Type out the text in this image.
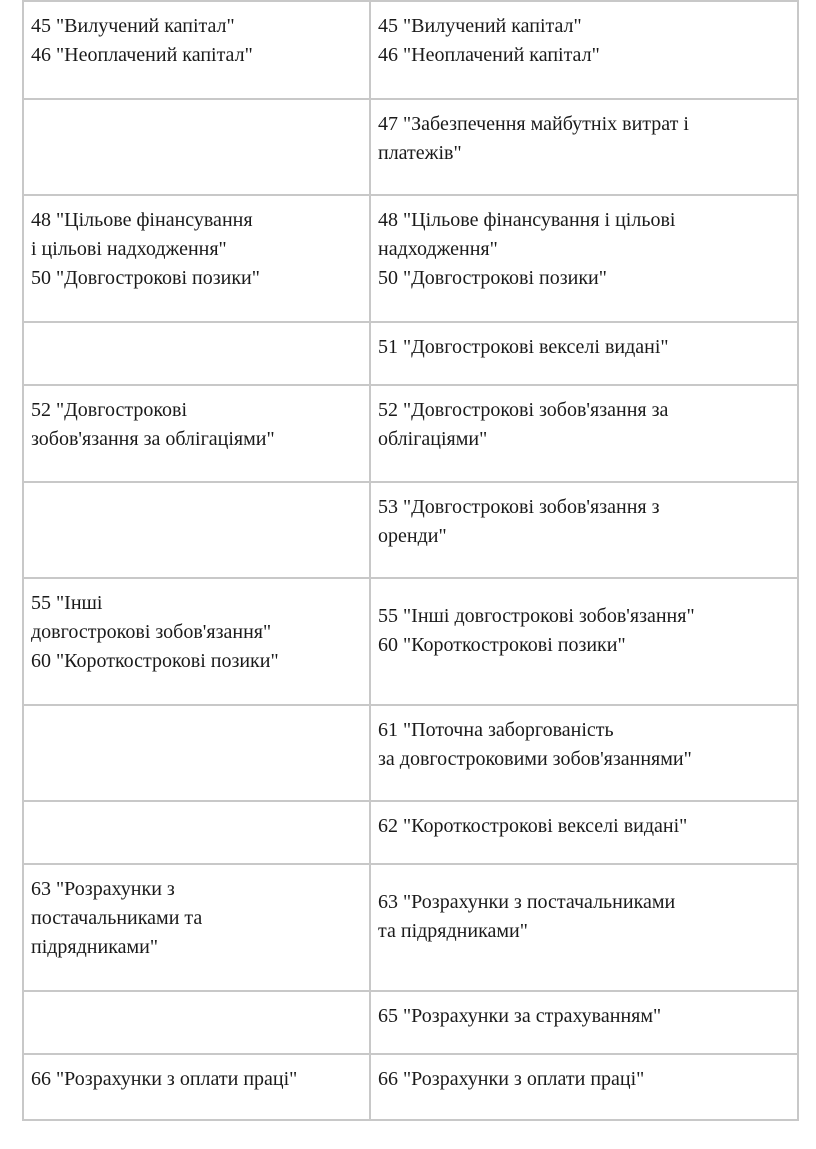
45 "Вилучений капітал"
46 "Неоплачений капітал"	45 "Вилучений капітал"
46 "Неоплачений капітал"

	47 "Забезпечення майбутніх витрат і
платежів"

48 "Цільове фінансування
і цільові надходження"
50 "Довгострокові позики"	48 "Цільове фінансування і цільові
надходження"
50 "Довгострокові позики"

	51 "Довгострокові векселі видані"

52 "Довгострокові
зобов'язання за облігаціями"	52 "Довгострокові зобов'язання за
облігаціями"

	53 "Довгострокові зобов'язання з
оренди"

55 "Інші
довгострокові зобов'язання"
60 "Короткострокові позики"	55 "Інші довгострокові зобов'язання"
60 "Короткострокові позики"

	61 "Поточна заборгованість
за довгостроковими зобов'язаннями"

	62 "Короткострокові векселі видані"

63 "Розрахунки з
постачальниками та
підрядниками"	63 "Розрахунки з постачальниками
та підрядниками"

	65 "Розрахунки за страхуванням"

66 "Розрахунки з оплати праці"	66 "Розрахунки з оплати праці"
